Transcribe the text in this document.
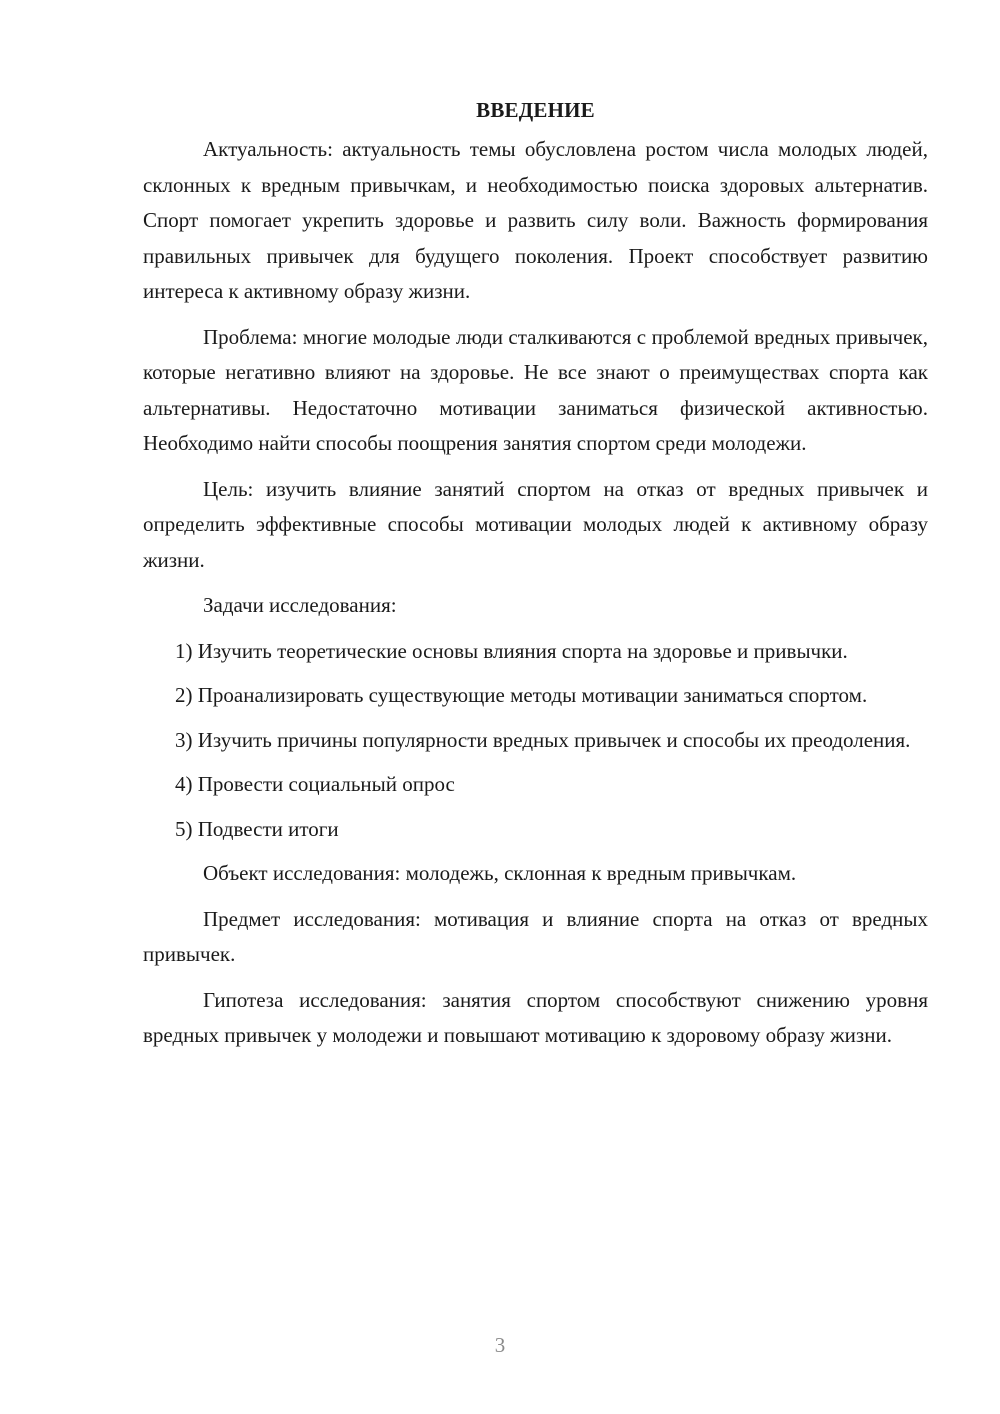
ВВЕДЕНИЕ

Актуальность: актуальность темы обусловлена ростом числа молодых людей, склонных к вредным привычкам, и необходимостью поиска здоровых альтернатив. Спорт помогает укрепить здоровье и развить силу воли. Важность формирования правильных привычек для будущего поколения. Проект способствует развитию интереса к активному образу жизни.

Проблема: многие молодые люди сталкиваются с проблемой вредных привычек, которые негативно влияют на здоровье. Не все знают о преимуществах спорта как альтернативы. Недостаточно мотивации заниматься физической активностью. Необходимо найти способы поощрения занятия спортом среди молодежи.

Цель: изучить влияние занятий спортом на отказ от вредных привычек и определить эффективные способы мотивации молодых людей к активному образу жизни.

Задачи исследования:

1) Изучить теоретические основы влияния спорта на здоровье и привычки.

2) Проанализировать существующие методы мотивации заниматься спортом.

3) Изучить причины популярности вредных привычек и способы их преодоления.

4) Провести социальный опрос

5) Подвести итоги

Объект исследования: молодежь, склонная к вредным привычкам.

Предмет исследования: мотивация и влияние спорта на отказ от вредных привычек.

Гипотеза исследования: занятия спортом способствуют снижению уровня вредных привычек у молодежи и повышают мотивацию к здоровому образу жизни.

3
